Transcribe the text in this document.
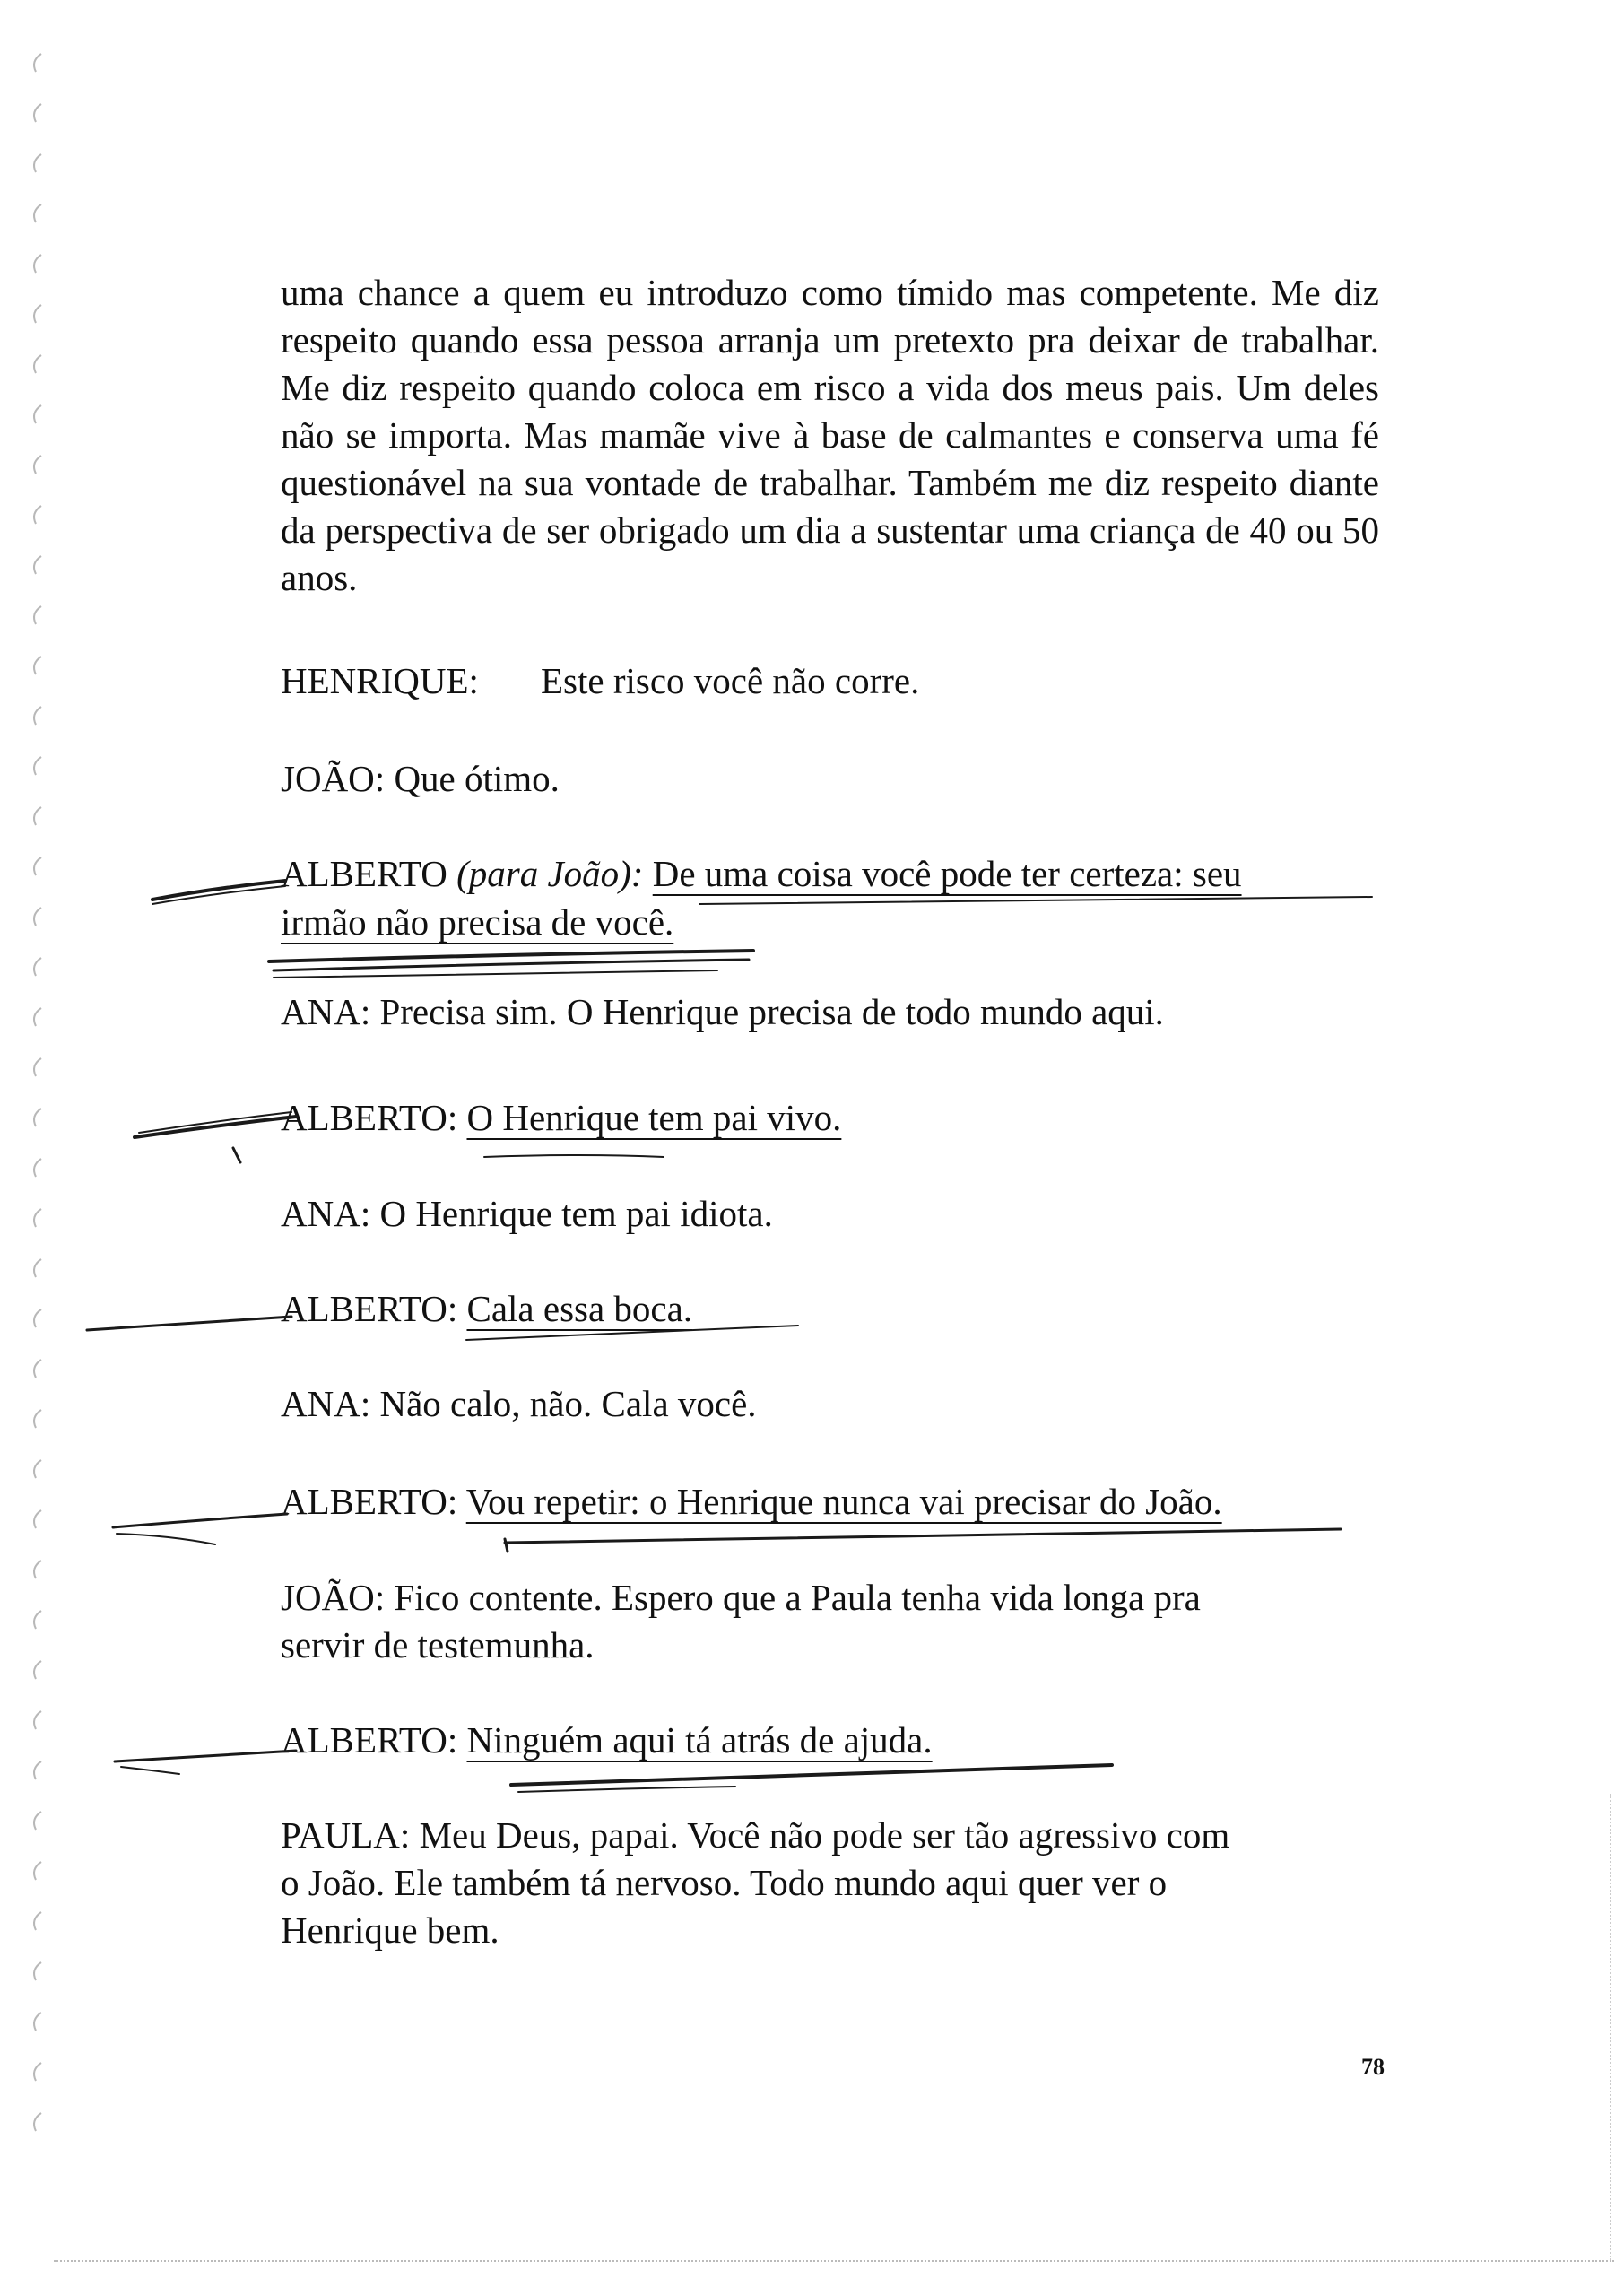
uma chance a quem eu introduzo como tímido mas competente. Me diz respeito quando essa pessoa arranja um pretexto pra deixar de trabalhar. Me diz respeito quando coloca em risco a vida dos meus pais. Um deles não se importa. Mas mamãe vive à base de calmantes e conserva uma fé questionável na sua vontade de trabalhar. Também me diz respeito diante da perspectiva de ser obrigado um dia a sustentar uma criança de 40 ou 50 anos.
HENRIQUE: Este risco você não corre.
JOÃO: Que ótimo.
ALBERTO (para João): De uma coisa você pode ter certeza: seu
irmão não precisa de você.
ANA: Precisa sim. O Henrique precisa de todo mundo aqui.
ALBERTO: O Henrique tem pai vivo.
ANA: O Henrique tem pai idiota.
ALBERTO: Cala essa boca.
ANA: Não calo, não. Cala você.
ALBERTO: Vou repetir: o Henrique nunca vai precisar do João.
JOÃO: Fico contente. Espero que a Paula tenha vida longa pra
servir de testemunha.
ALBERTO: Ninguém aqui tá atrás de ajuda.
PAULA: Meu Deus, papai. Você não pode ser tão agressivo com
o João. Ele também tá nervoso. Todo mundo aqui quer ver o
Henrique bem.
78
